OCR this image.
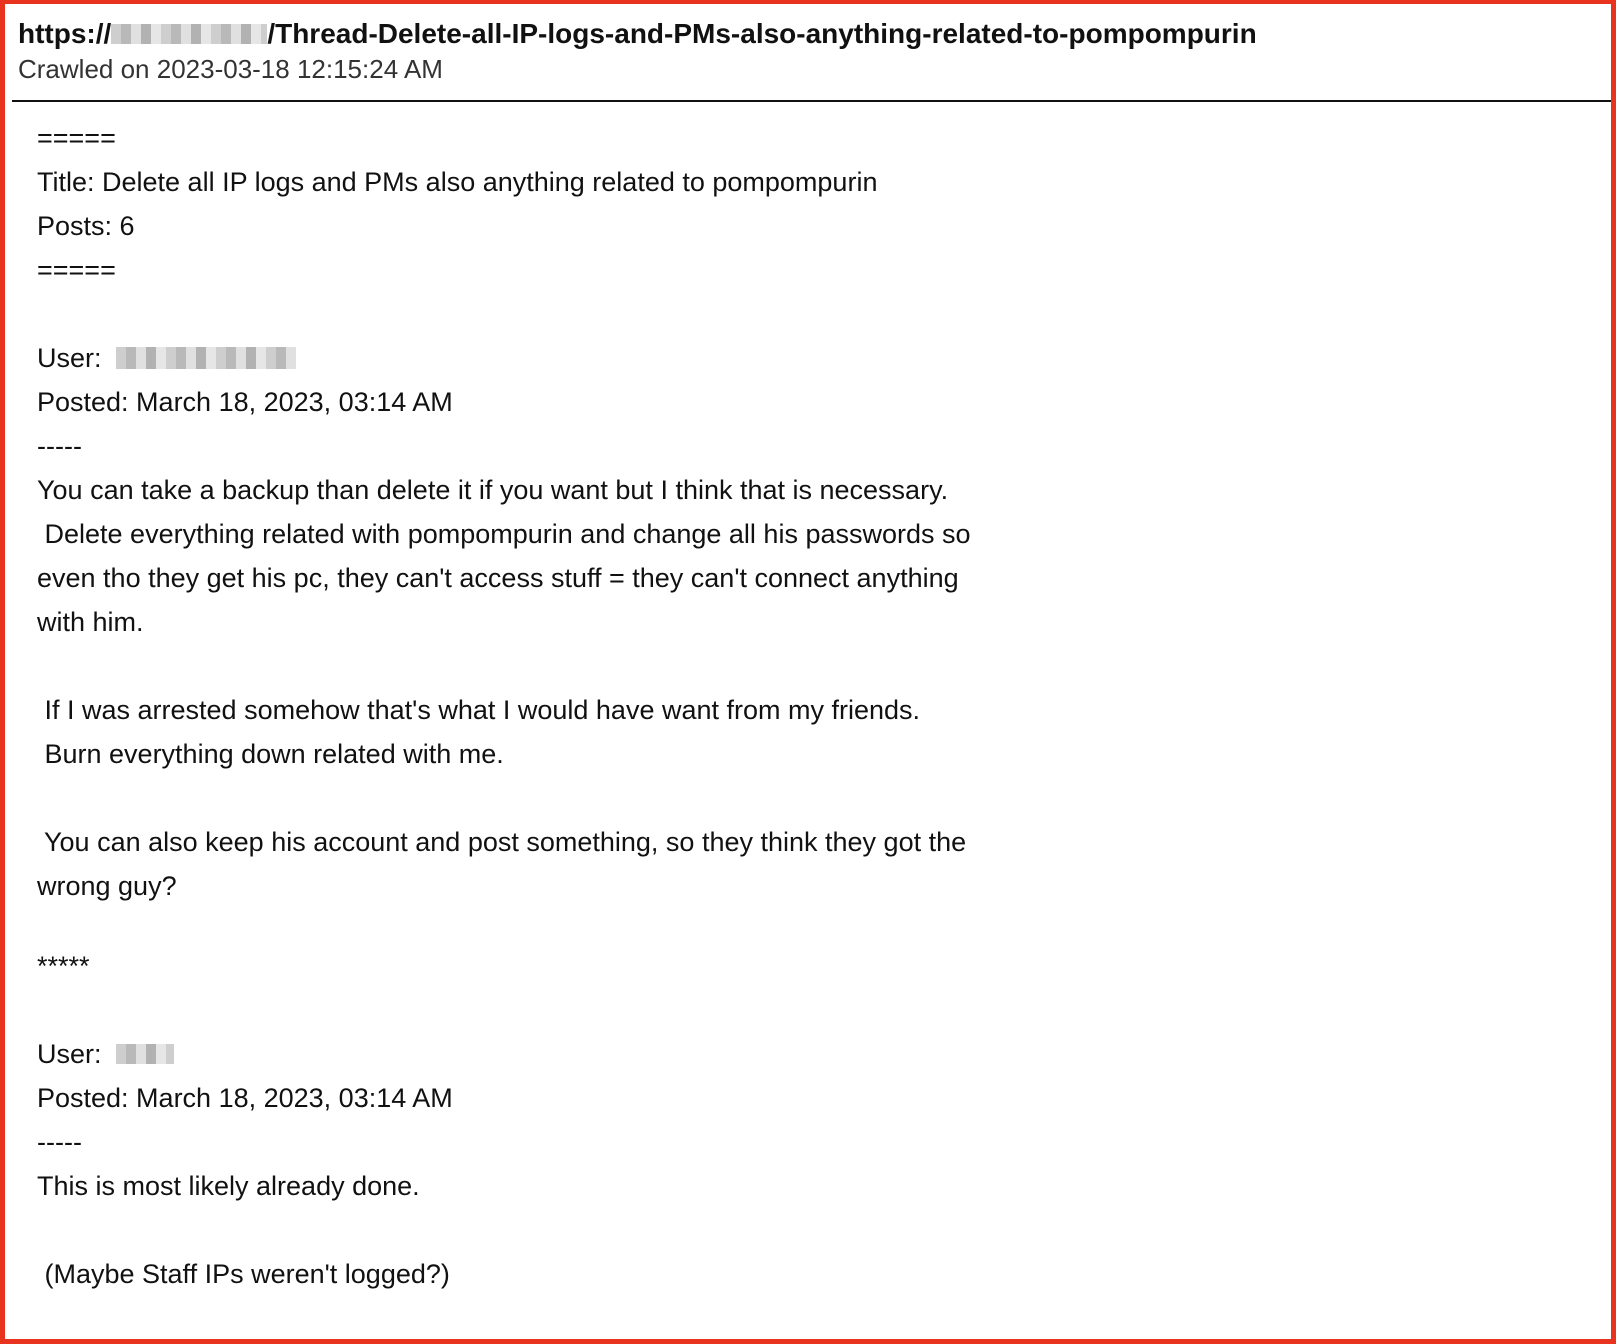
https://	/Thread-Delete-all-IP-logs-and-PMs-also-anything-related-to-pompompurin
Crawled on 2023-03-18 12:15:24 AM
=====
Title: Delete all IP logs and PMs also anything related to pompompurin
Posts: 6
=====
User:
Posted: March 18, 2023, 03:14 AM
-----
You can take a backup than delete it if you want but I think that is necessary.
Delete everything related with pompompurin and change all his passwords so
even tho they get his pc, they can't access stuff = they can't connect anything
with him.
If I was arrested somehow that's what I would have want from my friends.
Burn everything down related with me.
You can also keep his account and post something, so they think they got the
wrong guy?
*****
User:
Posted: March 18, 2023, 03:14 AM
-----
This is most likely already done.
(Maybe Staff IPs weren't logged?)
